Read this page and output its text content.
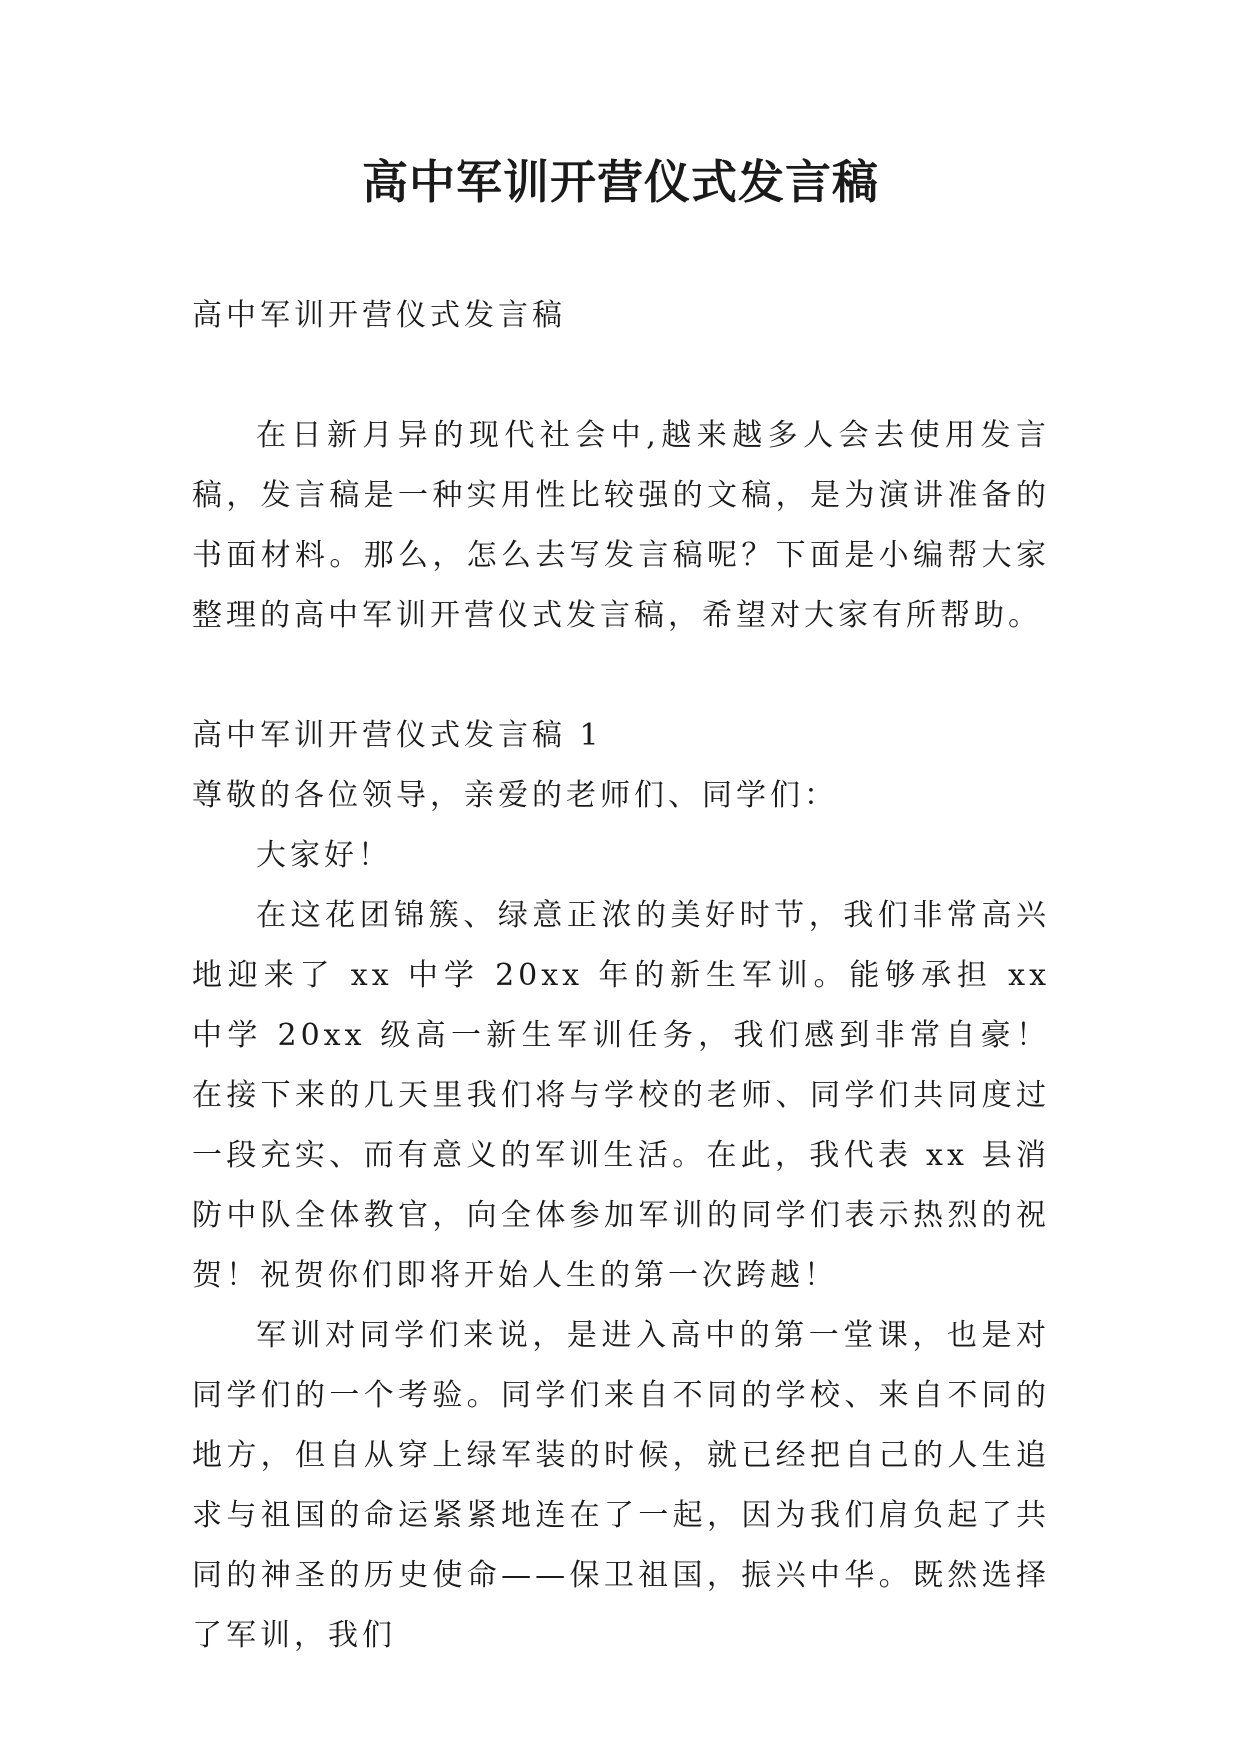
高中军训开营仪式发言稿

高中军训开营仪式发言稿

在日新月异的现代社会中,越来越多人会去使用发言稿，发言稿是一种实用性比较强的文稿，是为演讲准备的书面材料。那么，怎么去写发言稿呢？下面是小编帮大家整理的高中军训开营仪式发言稿，希望对大家有所帮助。

高中军训开营仪式发言稿 1

尊敬的各位领导，亲爱的老师们、同学们：

大家好！

在这花团锦簇、绿意正浓的美好时节，我们非常高兴地迎来了 xx 中学 20xx 年的新生军训。能够承担 xx 中学 20xx 级高一新生军训任务，我们感到非常自豪！在接下来的几天里我们将与学校的老师、同学们共同度过一段充实、而有意义的军训生活。在此，我代表 xx 县消防中队全体教官，向全体参加军训的同学们表示热烈的祝贺！祝贺你们即将开始人生的第一次跨越！

军训对同学们来说，是进入高中的第一堂课，也是对同学们的一个考验。同学们来自不同的学校、来自不同的地方，但自从穿上绿军装的时候，就已经把自己的人生追求与祖国的命运紧紧地连在了一起，因为我们肩负起了共同的神圣的历史使命——保卫祖国，振兴中华。既然选择了军训，我们
